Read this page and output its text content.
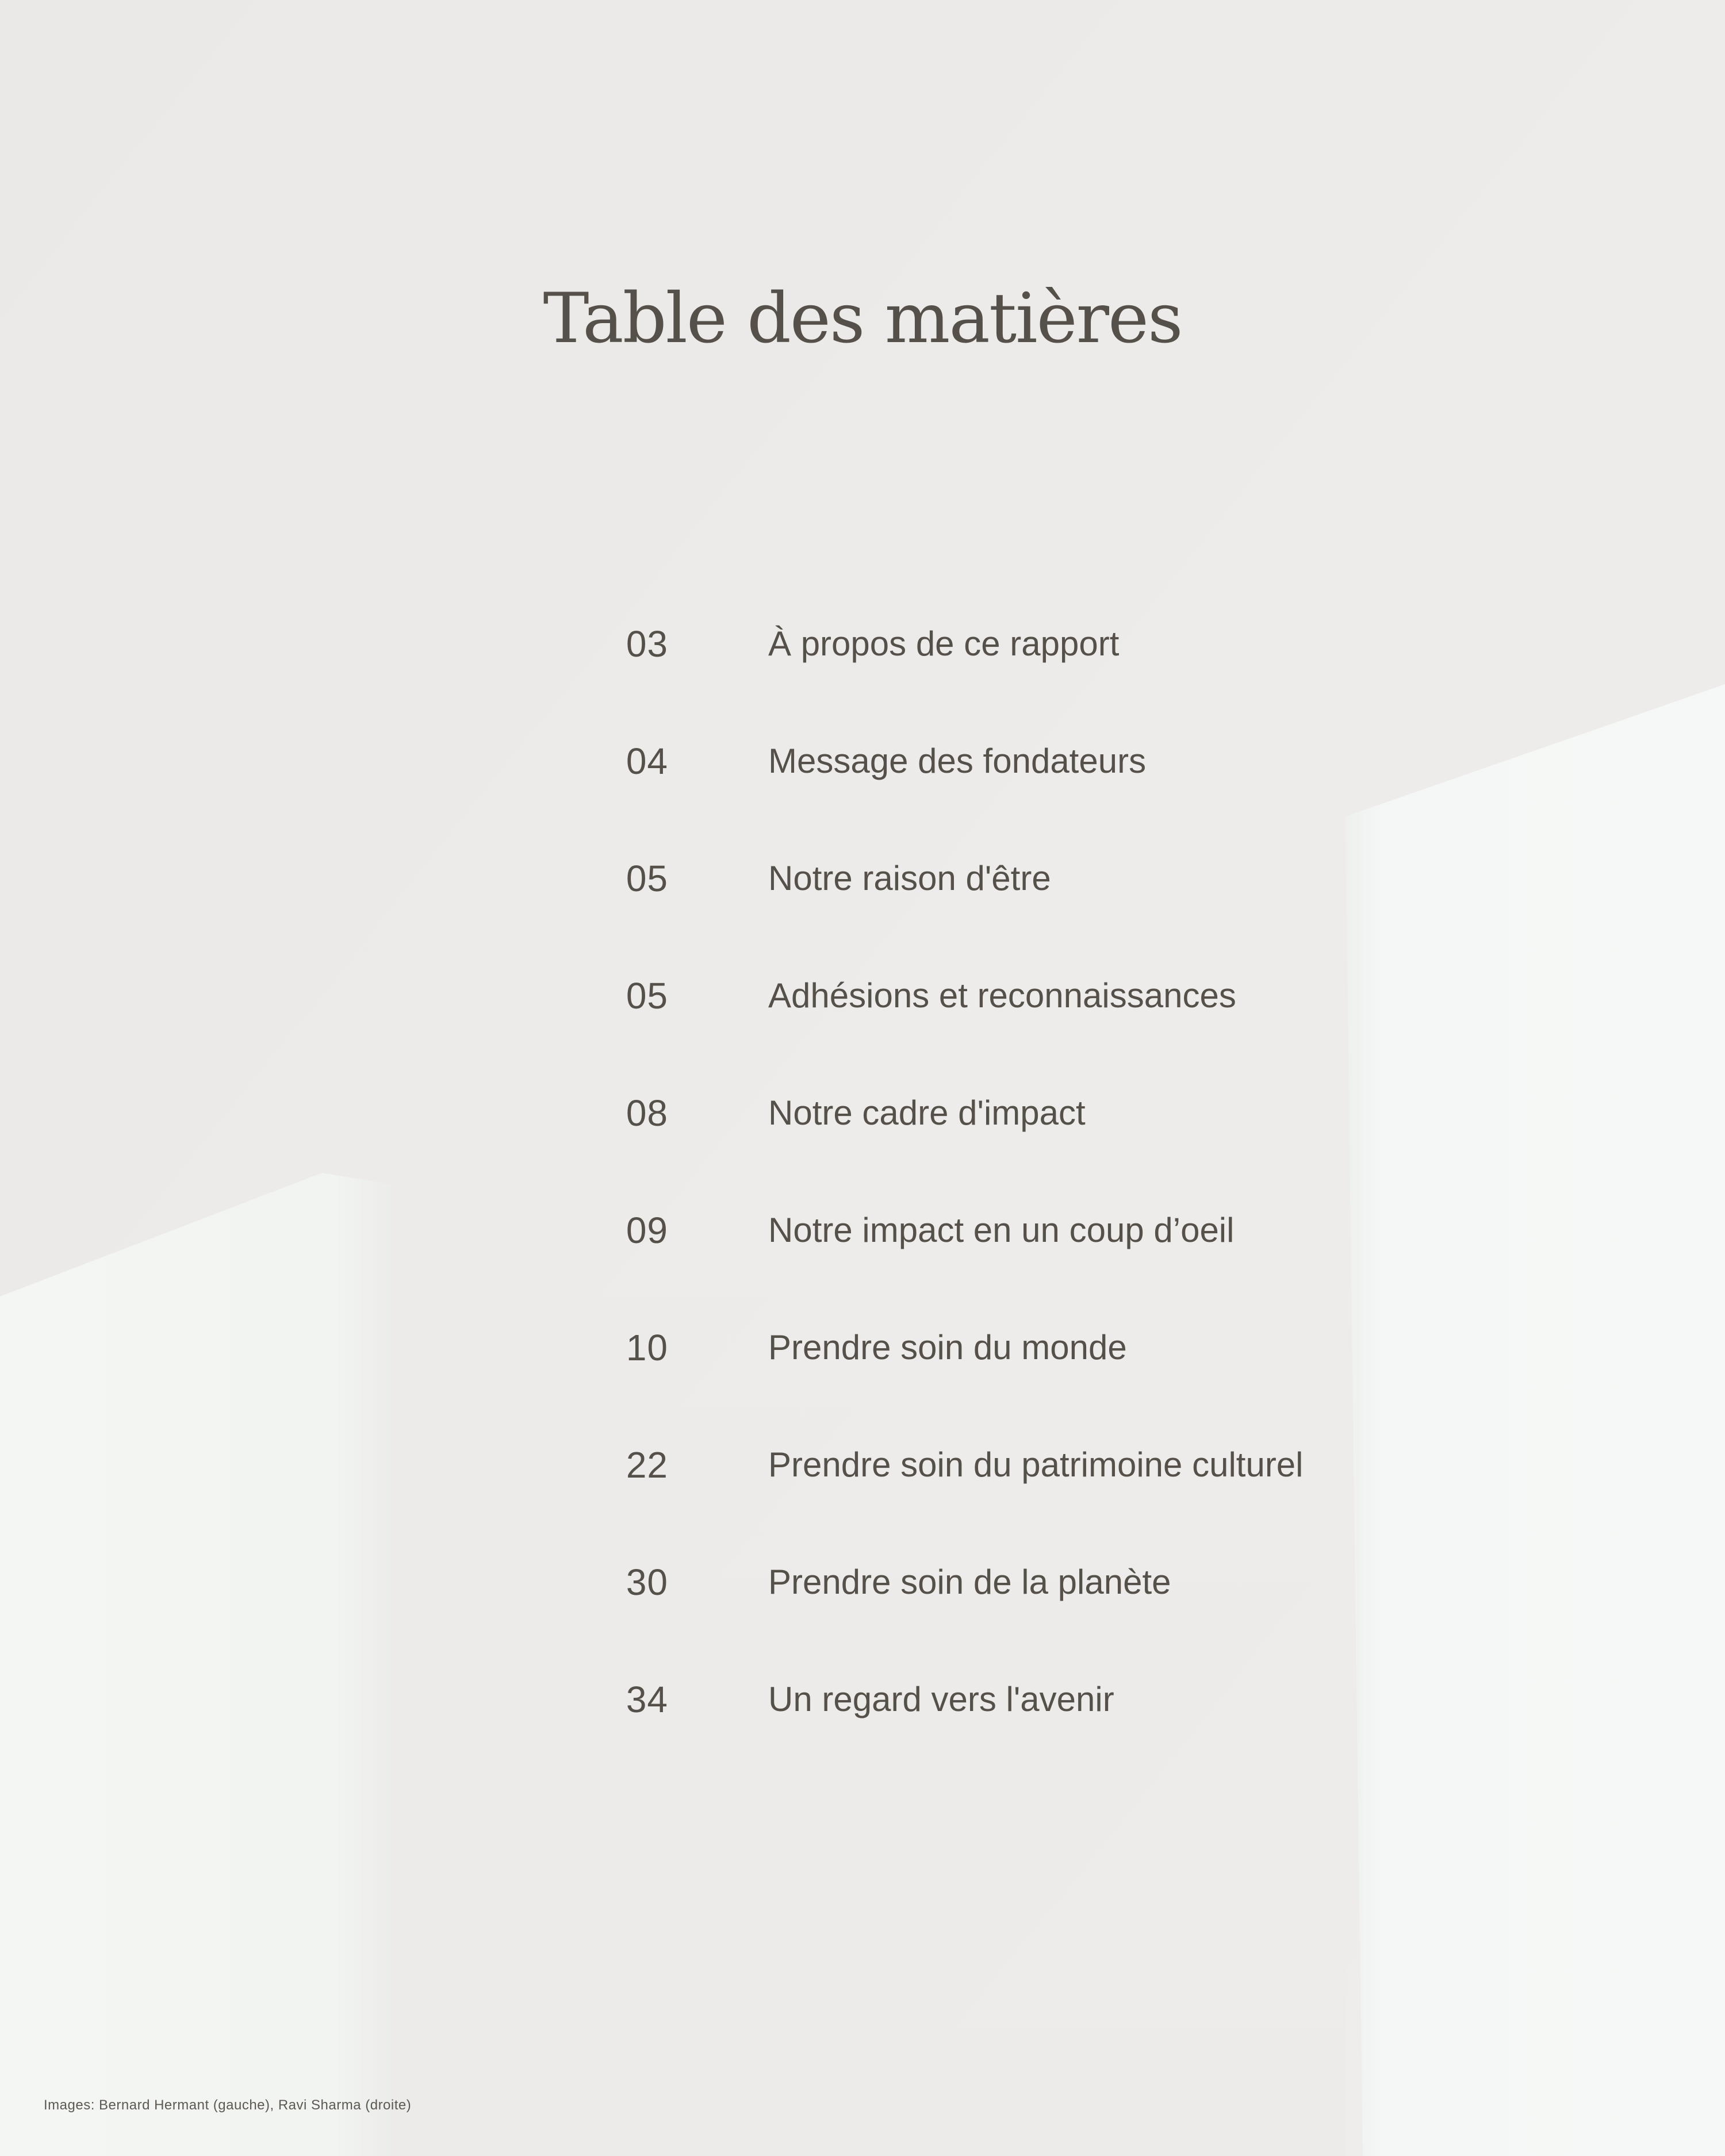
Table des matières
03	À propos de ce rapport
04	Message des fondateurs
05	Notre raison d'être
05	Adhésions et reconnaissances
08	Notre cadre d'impact
09	Notre impact en un coup d’oeil
10	Prendre soin du monde
22	Prendre soin du patrimoine culturel
30	Prendre soin de la planète
34	Un regard vers l'avenir
Images: Bernard Hermant (gauche), Ravi Sharma (droite)
